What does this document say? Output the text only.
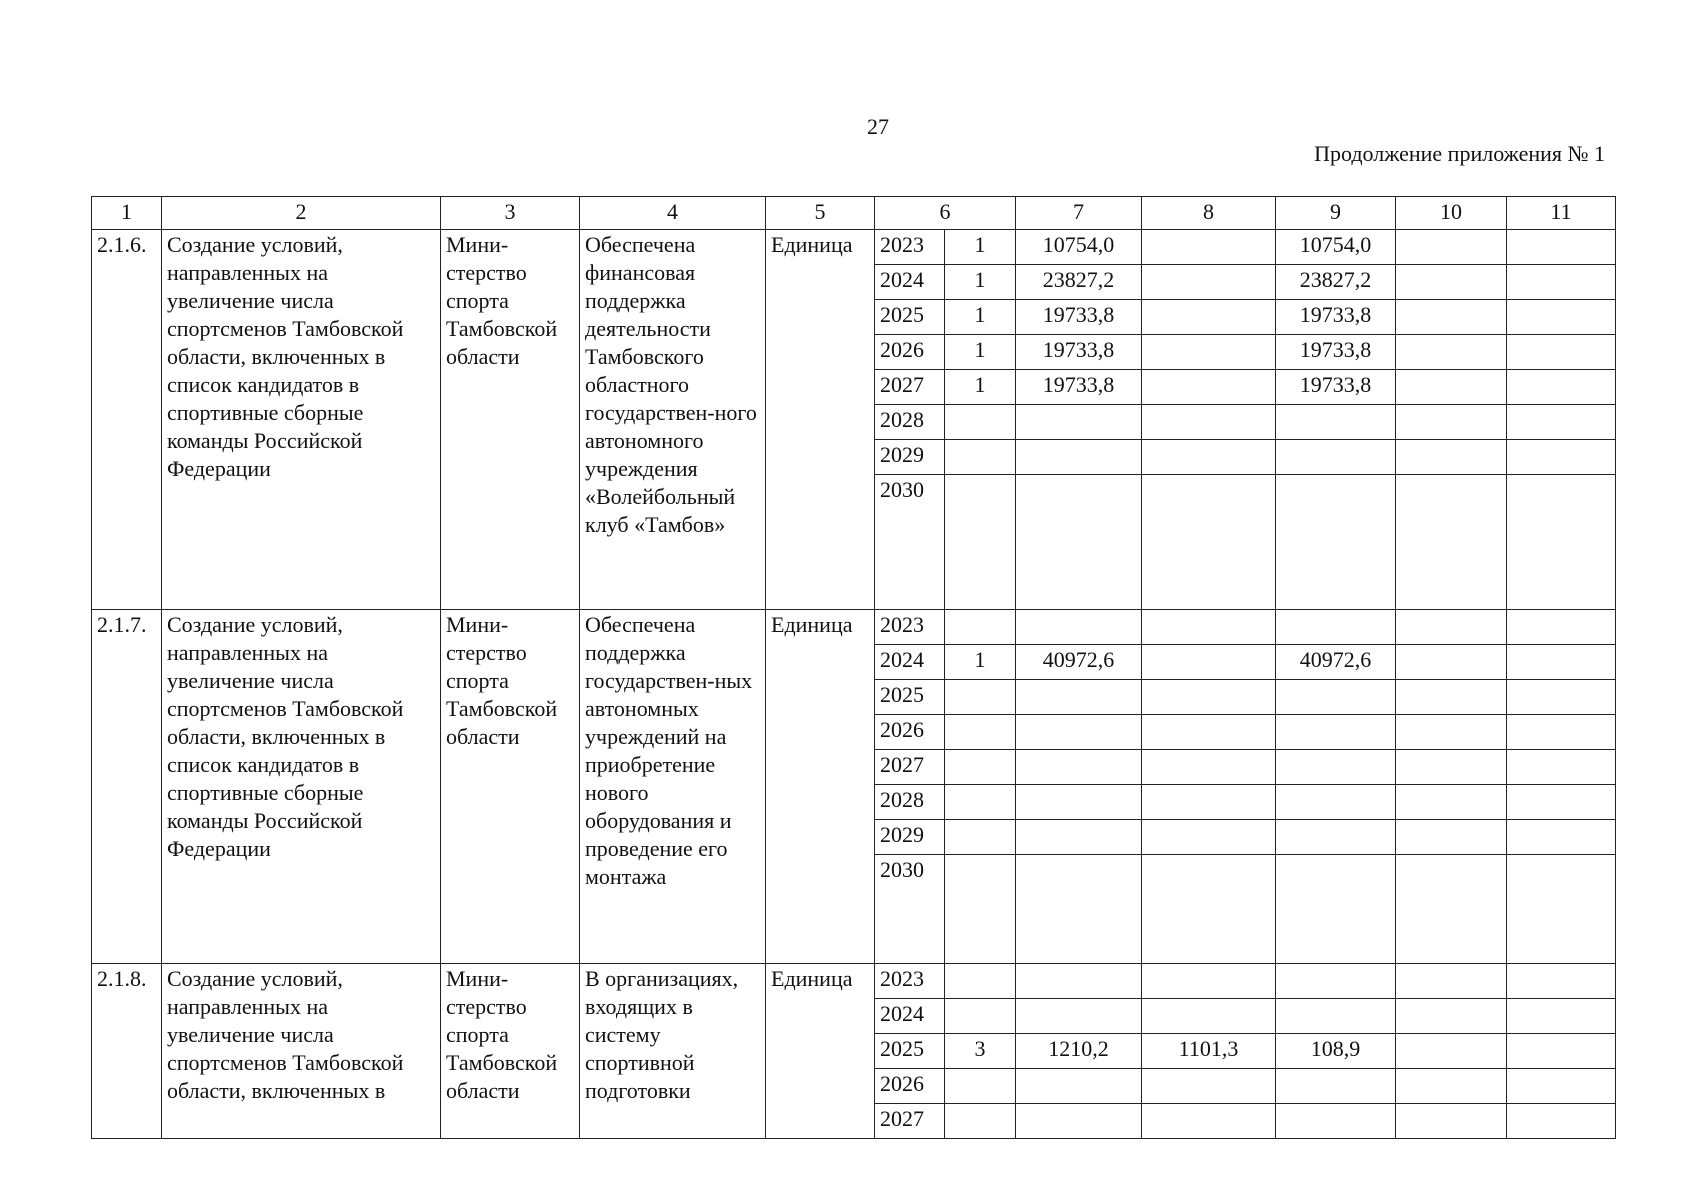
27
Продолжение приложения № 1
1	2	3	4	5	6		7	8	9	10	11
2.1.6.	Создание условий, направленных на увеличение числа спортсменов Тамбовской области, включенных в список кандидатов в спортивные сборные команды Российской Федерации	Мини-стерство спорта Тамбовской области	Обеспечена финансовая поддержка деятельности Тамбовского областного государствен-ного автономного учреждения «Волейбольный клуб «Тамбов»	Единица	2023	1	10754,0		10754,0		
					2024	1	23827,2		23827,2		
					2025	1	19733,8		19733,8		
					2026	1	19733,8		19733,8		
					2027	1	19733,8		19733,8		
					2028						
					2029						
					2030						
2.1.7.	Создание условий, направленных на увеличение числа спортсменов Тамбовской области, включенных в список кандидатов в спортивные сборные команды Российской Федерации	Мини-стерство спорта Тамбовской области	Обеспечена поддержка государствен-ных автономных учреждений на приобретение нового оборудования и проведение его монтажа	Единица	2023						
					2024	1	40972,6		40972,6		
					2025						
					2026						
					2027						
					2028						
					2029						
					2030						
2.1.8.	Создание условий, направленных на увеличение числа спортсменов Тамбовской области, включенных в	Мини-стерство спорта Тамбовской области	В организациях, входящих в систему спортивной подготовки	Единица	2023						
					2024						
					2025	3	1210,2	1101,3	108,9		
					2026						
					2027						
